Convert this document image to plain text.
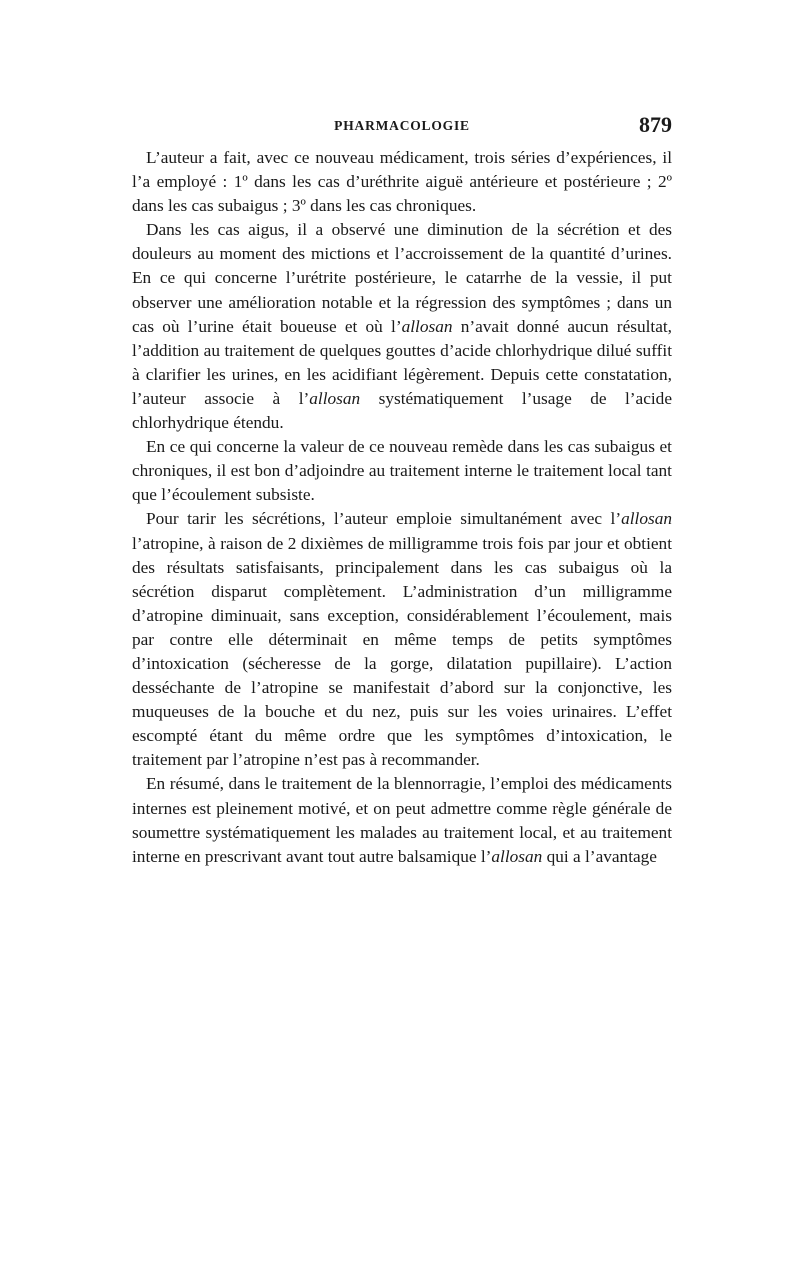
PHARMACOLOGIE	879

L’auteur a fait, avec ce nouveau médicament, trois séries d’expériences, il l’a employé : 1º dans les cas d’uréthrite aiguë antérieure et postérieure ; 2º dans les cas subaigus ; 3º dans les cas chroniques.

Dans les cas aigus, il a observé une diminution de la sécrétion et des douleurs au moment des mictions et l’accroissement de la quantité d’urines. En ce qui concerne l’urétrite postérieure, le catarrhe de la vessie, il put observer une amélioration notable et la régression des symptômes ; dans un cas où l’urine était boueuse et où l’allosan n’avait donné aucun résultat, l’addition au traitement de quelques gouttes d’acide chlorhydrique dilué suffit à clarifier les urines, en les acidifiant légèrement. Depuis cette constatation, l’auteur associe à l’allosan systématiquement l’usage de l’acide chlorhydrique étendu.

En ce qui concerne la valeur de ce nouveau remède dans les cas subaigus et chroniques, il est bon d’adjoindre au traitement interne le traitement local tant que l’écoulement subsiste.

Pour tarir les sécrétions, l’auteur emploie simultanément avec l’allosan l’atropine, à raison de 2 dixièmes de milligramme trois fois par jour et obtient des résultats satisfaisants, principalement dans les cas subaigus où la sécrétion disparut complètement. L’administration d’un milligramme d’atropine diminuait, sans exception, considérablement l’écoulement, mais par contre elle déterminait en même temps de petits symptômes d’intoxication (sécheresse de la gorge, dilatation pupillaire). L’action desséchante de l’atropine se manifestait d’abord sur la conjonctive, les muqueuses de la bouche et du nez, puis sur les voies urinaires. L’effet escompté étant du même ordre que les symptômes d’intoxication, le traitement par l’atropine n’est pas à recommander.

En résumé, dans le traitement de la blennorragie, l’emploi des médicaments internes est pleinement motivé, et on peut admettre comme règle générale de soumettre systématiquement les malades au traitement local, et au traitement interne en prescrivant avant tout autre balsamique l’allosan qui a l’avantage
